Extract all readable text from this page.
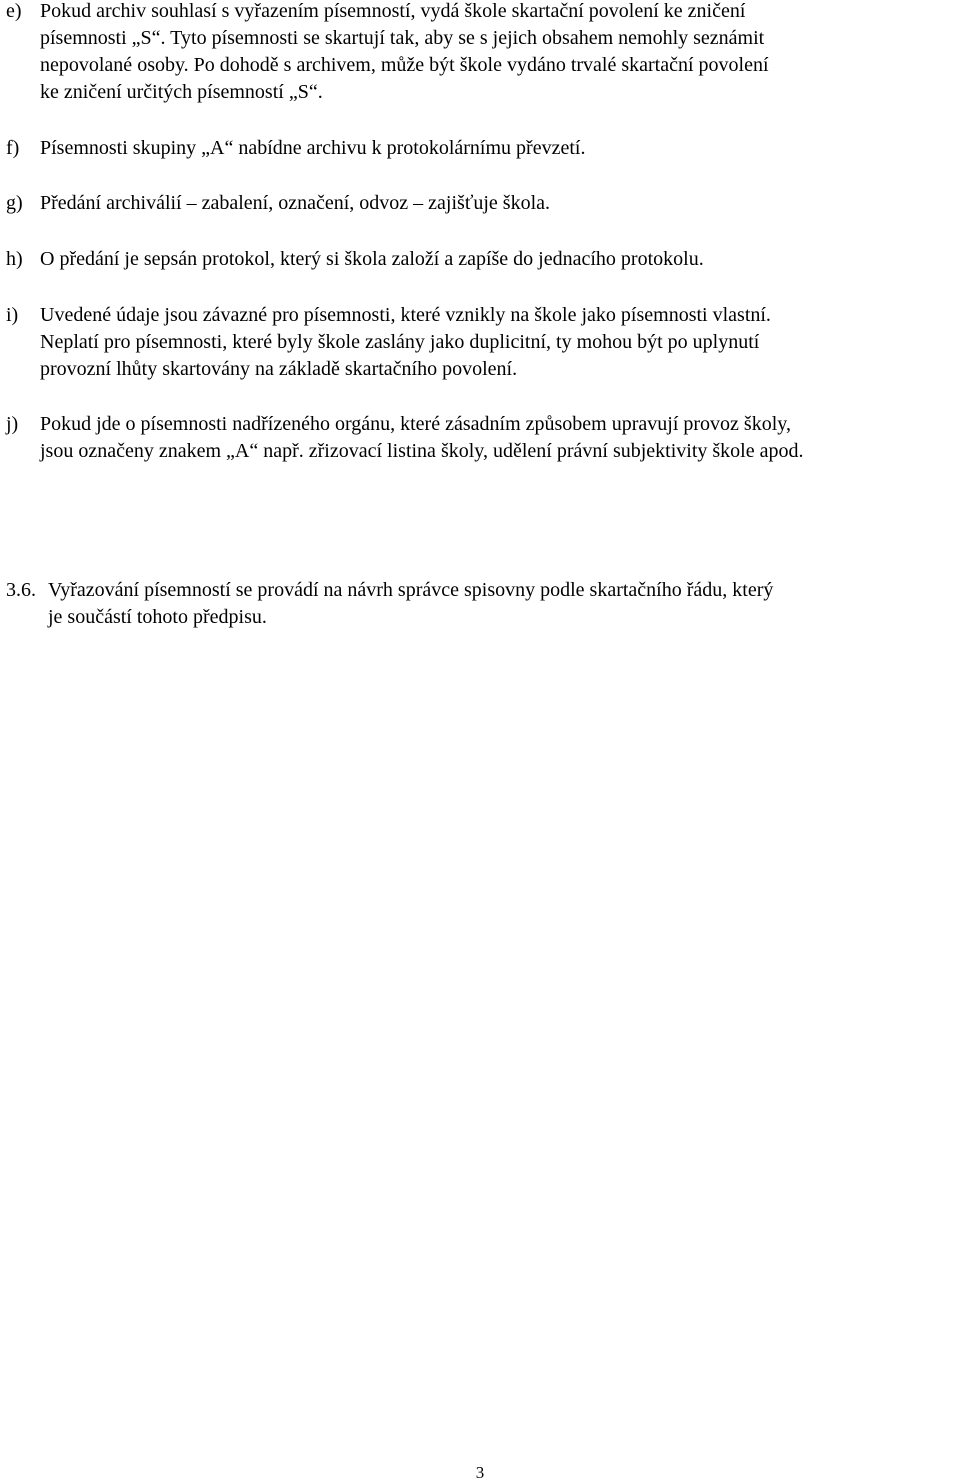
e) Pokud archiv souhlasí s vyřazením písemností, vydá škole skartační povolení ke zničení
písemnosti „S“. Tyto písemnosti se skartují tak, aby se s jejich obsahem nemohly seznámit
nepovolané osoby. Po dohodě s archivem, může být škole vydáno trvalé skartační povolení
ke zničení určitých písemností „S“.
f)	Písemnosti skupiny „A“ nabídne archivu k protokolárnímu převzetí.
g) Předání archiválií – zabalení, označení, odvoz – zajišťuje škola.
h) O předání je sepsán protokol, který si škola založí a zapíše do jednacího protokolu.
i)	Uvedené údaje jsou závazné pro písemnosti, které vznikly na škole jako písemnosti vlastní.
Neplatí pro písemnosti, které byly škole zaslány jako duplicitní, ty mohou být po uplynutí
provozní lhůty skartovány na základě skartačního povolení.
j)	Pokud jde o písemnosti nadřízeného orgánu, které zásadním způsobem upravují provoz školy,
jsou označeny znakem „A“ např. zřizovací listina školy, udělení právní subjektivity škole apod.
3.6. Vyřazování písemností se provádí na návrh správce spisovny podle skartačního řádu, který
je součástí tohoto předpisu.
3
